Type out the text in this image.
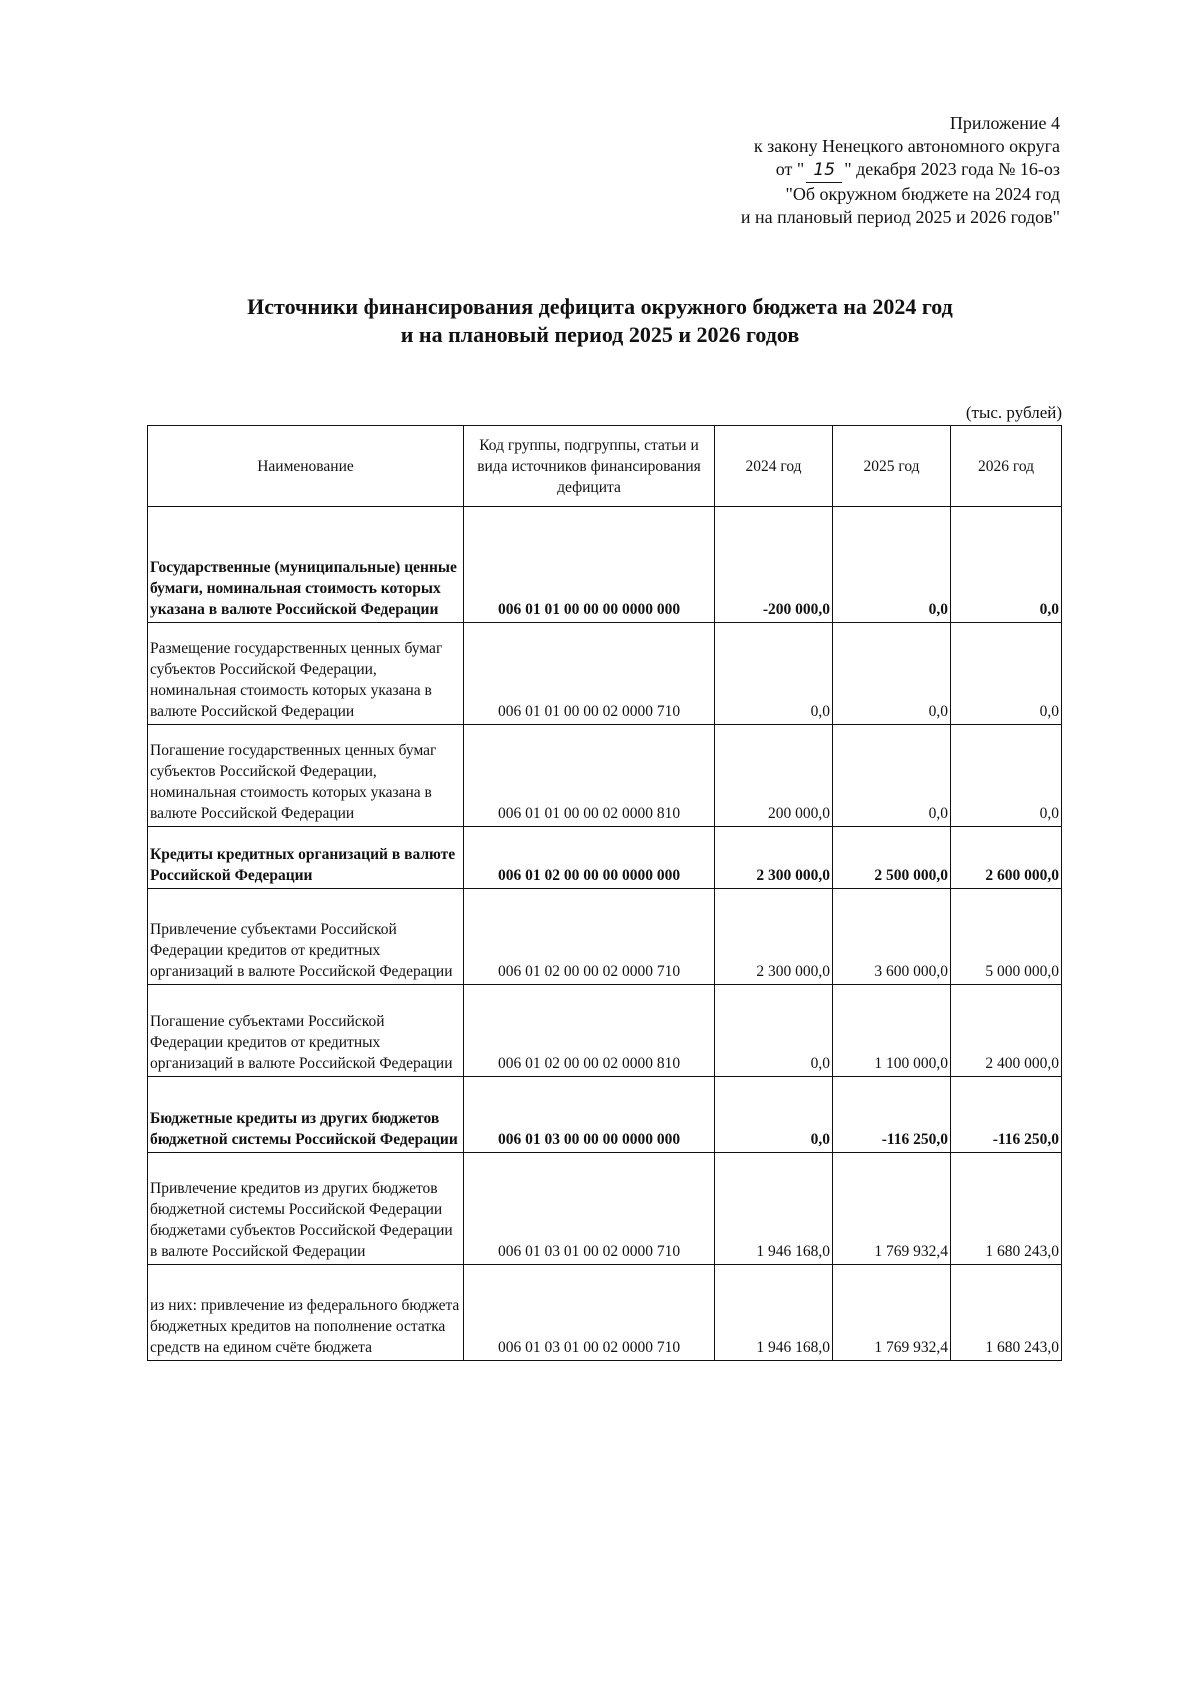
Приложение 4
к закону Ненецкого автономного округа
от " 15 " декабря 2023 года № 16-оз
"Об окружном бюджете на 2024 год
и на плановый период 2025 и 2026 годов"
Источники финансирования дефицита окружного бюджета на 2024 год
и на плановый период 2025 и 2026 годов
(тыс. рублей)
Наименование	Код группы, подгруппы, статьи и вида источников финансирования дефицита	2024 год	2025 год	2026 год
Государственные (муниципальные) ценные бумаги, номинальная стоимость которых указана в валюте Российской Федерации	006 01 01 00 00 00 0000 000	-200 000,0	0,0	0,0
Размещение государственных ценных бумаг субъектов Российской Федерации, номинальная стоимость которых указана в валюте Российской Федерации	006 01 01 00 00 02 0000 710	0,0	0,0	0,0
Погашение государственных ценных бумаг субъектов Российской Федерации, номинальная стоимость которых указана в валюте Российской Федерации	006 01 01 00 00 02 0000 810	200 000,0	0,0	0,0
Кредиты кредитных организаций в валюте Российской Федерации	006 01 02 00 00 00 0000 000	2 300 000,0	2 500 000,0	2 600 000,0
Привлечение субъектами Российской Федерации кредитов от кредитных организаций в валюте Российской Федерации	006 01 02 00 00 02 0000 710	2 300 000,0	3 600 000,0	5 000 000,0
Погашение субъектами Российской Федерации кредитов от кредитных организаций в валюте Российской Федерации	006 01 02 00 00 02 0000 810	0,0	1 100 000,0	2 400 000,0
Бюджетные кредиты из других бюджетов бюджетной системы Российской Федерации	006 01 03 00 00 00 0000 000	0,0	-116 250,0	-116 250,0
Привлечение кредитов из других бюджетов бюджетной системы Российской Федерации бюджетами субъектов Российской Федерации в валюте Российской Федерации	006 01 03 01 00 02 0000 710	1 946 168,0	1 769 932,4	1 680 243,0
из них: привлечение из федерального бюджета бюджетных кредитов на пополнение остатка средств на едином счёте бюджета	006 01 03 01 00 02 0000 710	1 946 168,0	1 769 932,4	1 680 243,0
